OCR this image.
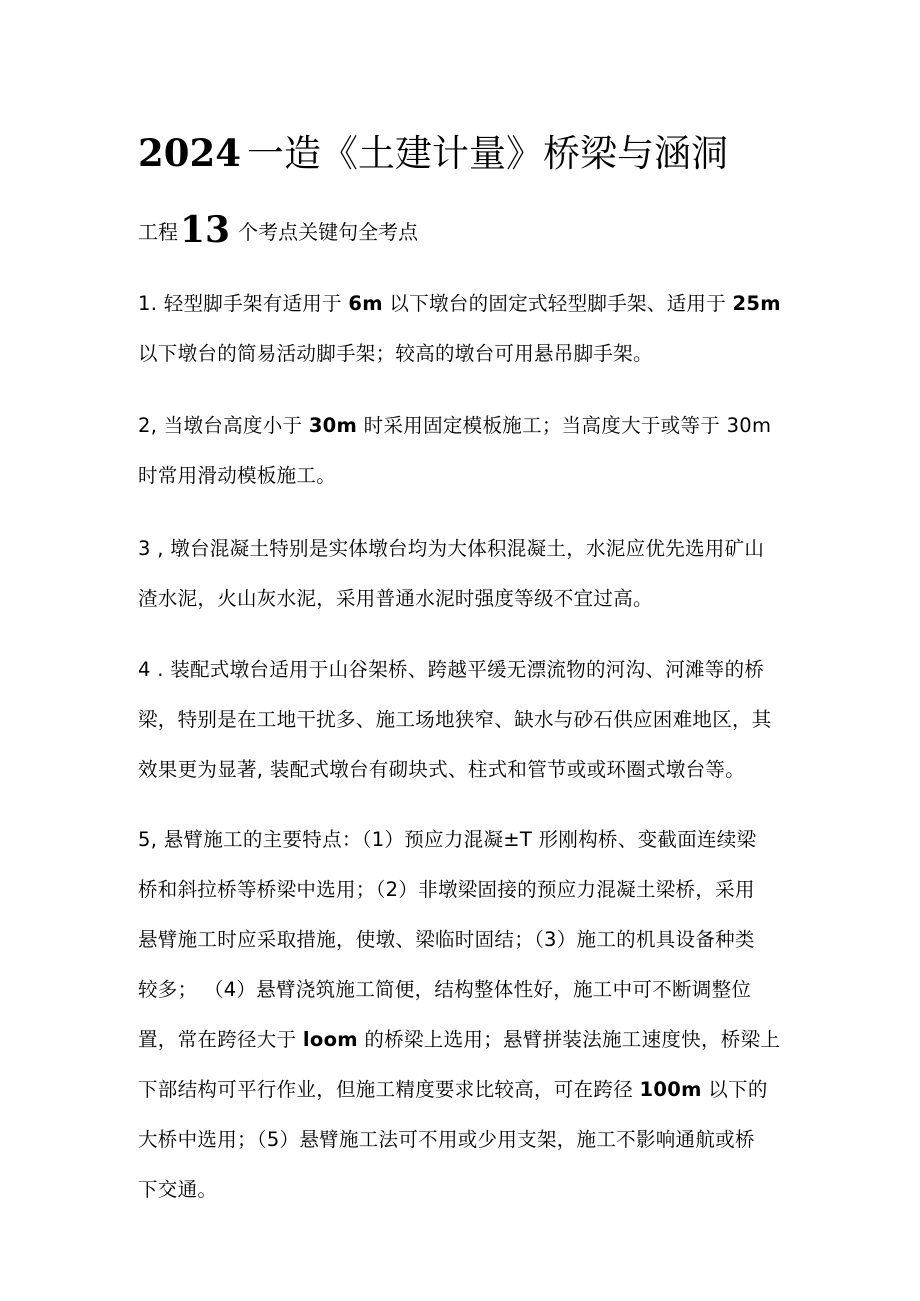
2024 一造《土建计量》桥梁与涵洞
工程13 个考点关键句全考点
1. 轻型脚手架有适用于 6m 以下墩台的固定式轻型脚手架、适用于 25m
以下墩台的简易活动脚手架；较高的墩台可用悬吊脚手架。
2, 当墩台高度小于 30m 时采用固定模板施工；当高度大于或等于 30m
时常用滑动模板施工。
3 , 墩台混凝土特别是实体墩台均为大体积混凝土，水泥应优先选用矿山
渣水泥，火山灰水泥，采用普通水泥时强度等级不宜过高。
4 . 装配式墩台适用于山谷架桥、跨越平缓无漂流物的河沟、河滩等的桥
梁，特别是在工地干扰多、施工场地狭窄、缺水与砂石供应困难地区，其
效果更为显著, 装配式墩台有砌块式、柱式和管节或或环圈式墩台等。
5, 悬臂施工的主要特点：（1）预应力混凝±T 形刚构桥、变截面连续梁
桥和斜拉桥等桥梁中选用；（2）非墩梁固接的预应力混凝土梁桥，采用
悬臂施工时应采取措施，使墩、梁临时固结；（3）施工的机具设备种类
较多； （4）悬臂浇筑施工简便，结构整体性好，施工中可不断调整位
置，常在跨径大于 loom 的桥梁上选用；悬臂拼装法施工速度快，桥梁上
下部结构可平行作业，但施工精度要求比较高，可在跨径 100m 以下的
大桥中选用；（5）悬臂施工法可不用或少用支架，施工不影响通航或桥
下交通。
